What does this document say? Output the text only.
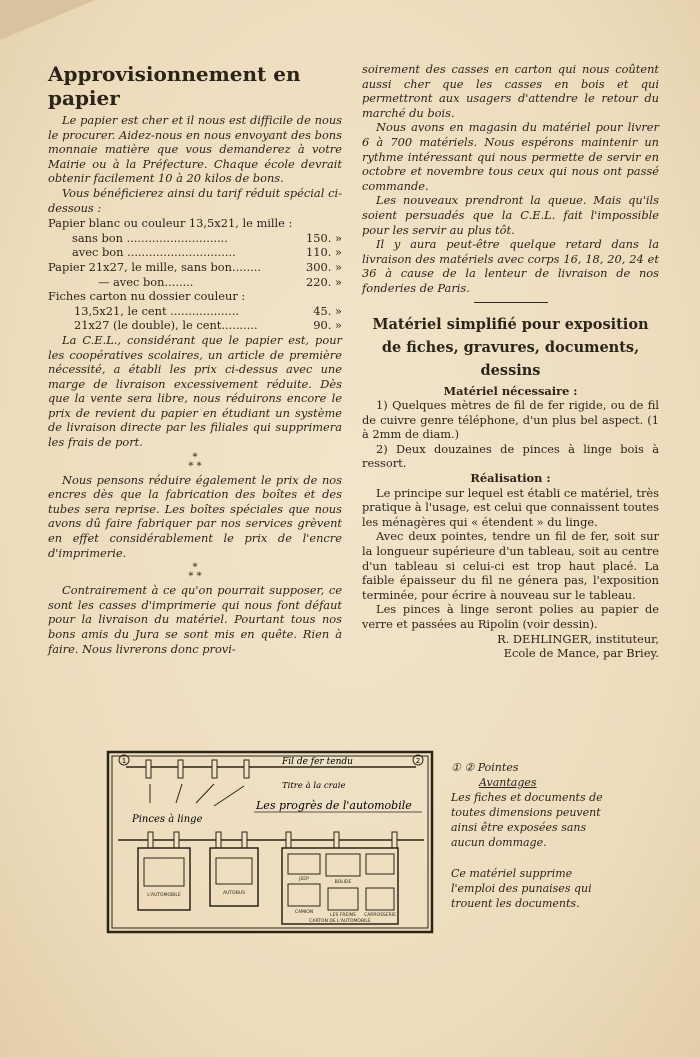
Approvisionnement en papier

Le papier est cher et il nous est difficile de nous le procurer. Aidez-nous en nous envoyant des bons monnaie matière que vous demanderez à votre Mairie ou à la Préfecture. Chaque école devrait obtenir facilement 10 à 20 kilos de bons.

Vous bénéficierez ainsi du tarif réduit spécial ci-dessous :

Papier blanc ou couleur 13,5x21, le mille :
sans bon ............................	150. »
avec bon ..............................	110. »
Papier 21x27, le mille, sans bon........	300. »
— avec bon........	220. »
Fiches carton nu dossier couleur :
13,5x21, le cent ...................	45. »
21x27 (le double), le cent..........	90. »

La C.E.L., considérant que le papier est, pour les coopératives scolaires, un article de première nécessité, a établi les prix ci-dessus avec une marge de livraison excessivement réduite. Dès que la vente sera libre, nous réduirons encore le prix de revient du papier en étudiant un système de livraison directe par les filiales qui supprimera les frais de port.

*
* *

Nous pensons réduire également le prix de nos encres dès que la fabrication des boîtes et des tubes sera reprise. Les boîtes spéciales que nous avons dû faire fabriquer par nos services grèvent en effet considérablement le prix de l'encre d'imprimerie.

*
* *

Contrairement à ce qu'on pourrait supposer, ce sont les casses d'imprimerie qui nous font défaut pour la livraison du matériel. Pourtant tous nos bons amis du Jura se sont mis en quête. Rien à faire. Nous livrerons donc provi-

soirement des casses en carton qui nous coûtent aussi cher que les casses en bois et qui permettront aux usagers d'attendre le retour du marché du bois.

Nous avons en magasin du matériel pour livrer 6 à 700 matériels. Nous espérons maintenir un rythme intéressant qui nous permette de servir en octobre et novembre tous ceux qui nous ont passé commande.

Les nouveaux prendront la queue. Mais qu'ils soient persuadés que la C.E.L. fait l'impossible pour les servir au plus tôt.

Il y aura peut-être quelque retard dans la livraison des matériels avec corps 16, 18, 20, 24 et 36 à cause de la lenteur de livraison de nos fonderies de Paris.

Matériel simplifié pour exposition de fiches, gravures, documents, dessins

Matériel nécessaire :

1) Quelques mètres de fil de fer rigide, ou de fil de cuivre genre téléphone, d'un plus bel aspect. (1 à 2mm de diam.)

2) Deux douzaines de pinces à linge bois à ressort.

Réalisation :

Le principe sur lequel est établi ce matériel, très pratique à l'usage, est celui que connaissent toutes les ménagères qui « étendent » du linge.

Avec deux pointes, tendre un fil de fer, soit sur la longueur supérieure d'un tableau, soit au centre d'un tableau si celui-ci est trop haut placé. La faible épaisseur du fil ne génera pas, l'exposition terminée, pour écrire à nouveau sur le tableau.

Les pinces à linge seront polies au papier de verre et passées au Ripolin (voir dessin).

R. DEHLINGER, instituteur,

Ecole de Mance, par Briey.

1	2
Fil de fer tendu
Titre à la craie
Les progrès de l'automobile
Pinces à linge
L'AUTOMOBILE	AUTOBUS
JEEP
BOLIDE
CAMION
LES FREINS CARROSSERIE
CARTON DE L'AUTOMOBILE
① ② Pointes
Avantages
Les fiches et documents de
toutes dimensions peuvent
ainsi être exposées sans
aucun dommage.
Ce matériel supprime
l'emploi des punaises qui
trouent les documents.
